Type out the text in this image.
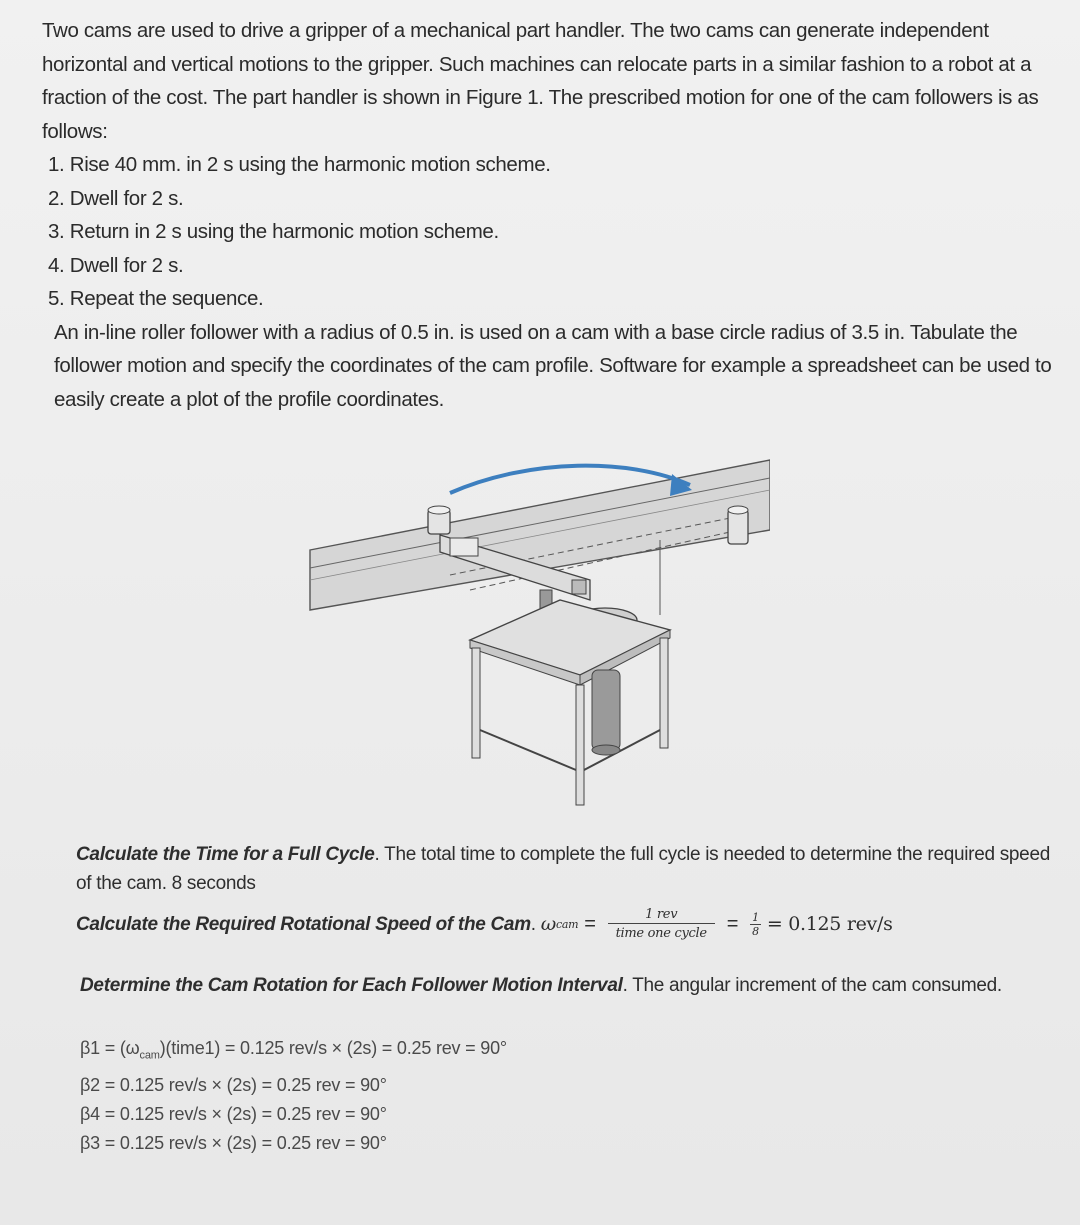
Two cams are used to drive a gripper of a mechanical part handler. The two cams can generate independent horizontal and vertical motions to the gripper. Such machines can relocate parts in a similar fashion to a robot at a fraction of the cost. The part handler is shown in Figure 1. The prescribed motion for one of the cam followers is as follows:

1. Rise 40 mm. in 2 s using the harmonic motion scheme.
2. Dwell for 2 s.
3. Return in 2 s using the harmonic motion scheme.
4. Dwell for 2 s.
5. Repeat the sequence.

An in-line roller follower with a radius of 0.5 in. is used on a cam with a base circle radius of 3.5 in. Tabulate the follower motion and specify the coordinates of the cam profile. Software for example a spreadsheet can be used to easily create a plot of the profile coordinates.

Calculate the Time for a Full Cycle. The total time to complete the full cycle is needed to determine the required speed of the cam. 8 seconds
Calculate the Required Rotational Speed of the Cam . ω cam = $\frac{\text{1 rev}}{\text{time one cycle}} = \frac{1}{8} = 0.125$ rev/s
Determine the Cam Rotation for Each Follower Motion Interval. The angular increment of the cam consumed.
$\beta 1 = (\omega_{cam})(time1) = 0.125$ rev/s × (2s) = 0.25 rev = 90°
β2 = 0.125 rev/s × (2s) = 0.25 rev = 90°
β4 = 0.125 rev/s × (2s) = 0.25 rev = 90°
β3 = 0.125 rev/s × (2s) = 0.25 rev = 90°
